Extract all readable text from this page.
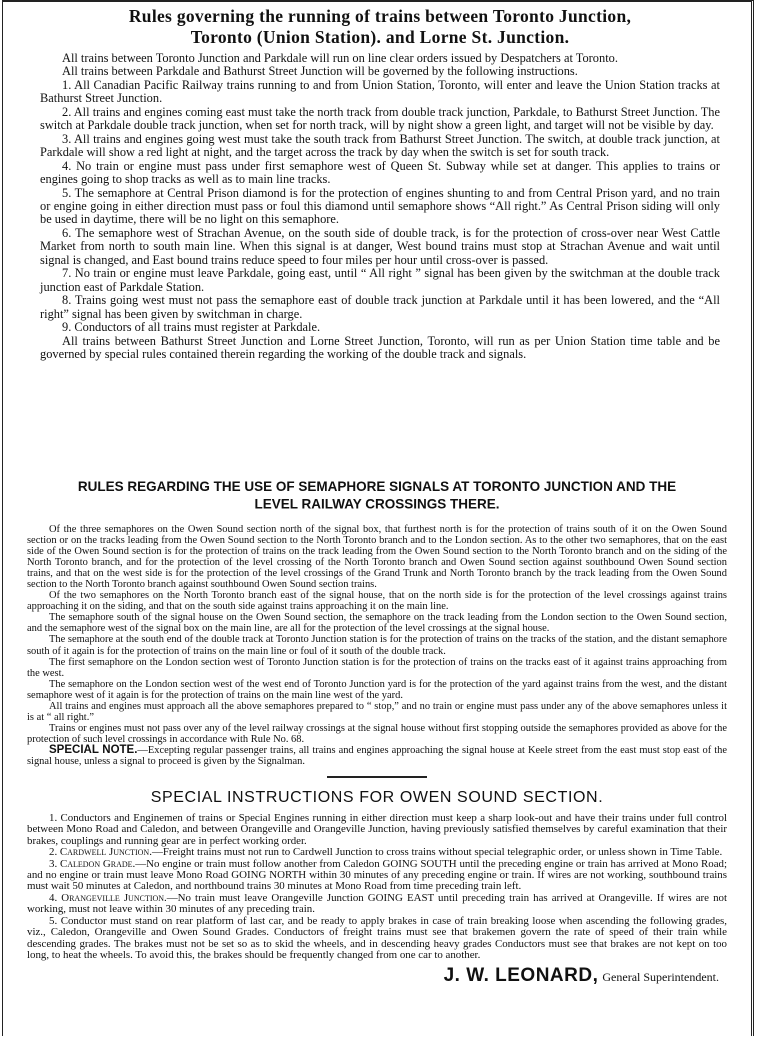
Rules governing the running of trains between Toronto Junction,
Toronto (Union Station). and Lorne St. Junction.

All trains between Toronto Junction and Parkdale will run on line clear orders issued by Despatchers at Toronto.

All trains between Parkdale and Bathurst Street Junction will be governed by the following instructions.

1. All Canadian Pacific Railway trains running to and from Union Station, Toronto, will enter and leave the Union Station tracks at Bathurst Street Junction.

2. All trains and engines coming east must take the north track from double track junction, Parkdale, to Bathurst Street Junction. The switch at Parkdale double track junction, when set for north track, will by night show a green light, and target will not be visible by day.

3. All trains and engines going west must take the south track from Bathurst Street Junction. The switch, at double track junction, at Parkdale will show a red light at night, and the target across the track by day when the switch is set for south track.

4. No train or engine must pass under first semaphore west of Queen St. Subway while set at danger. This applies to trains or engines going to shop tracks as well as to main line tracks.

5. The semaphore at Central Prison diamond is for the protection of engines shunting to and from Central Prison yard, and no train or engine going in either direction must pass or foul this diamond until semaphore shows “All right.” As Central Prison siding will only be used in daytime, there will be no light on this semaphore.

6. The semaphore west of Strachan Avenue, on the south side of double track, is for the protection of cross-over near West Cattle Market from north to south main line. When this signal is at danger, West bound trains must stop at Strachan Avenue and wait until signal is changed, and East bound trains reduce speed to four miles per hour until cross-over is passed.

7. No train or engine must leave Parkdale, going east, until “ All right ” signal has been given by the switchman at the double track junction east of Parkdale Station.

8. Trains going west must not pass the semaphore east of double track junction at Parkdale until it has been lowered, and the “All right” signal has been given by switchman in charge.

9. Conductors of all trains must register at Parkdale.

All trains between Bathurst Street Junction and Lorne Street Junction, Toronto, will run as per Union Station time table and be governed by special rules contained therein regarding the working of the double track and signals.

RULES REGARDING THE USE OF SEMAPHORE SIGNALS AT TORONTO JUNCTION AND THE
LEVEL RAILWAY CROSSINGS THERE.

Of the three semaphores on the Owen Sound section north of the signal box, that furthest north is for the protection of trains south of it on the Owen Sound section or on the tracks leading from the Owen Sound section to the North Toronto branch and to the London section. As to the other two semaphores, that on the east side of the Owen Sound section is for the protection of trains on the track leading from the Owen Sound section to the North Toronto branch and on the siding of the North Toronto branch, and for the protection of the level crossing of the North Toronto branch and Owen Sound section against southbound Owen Sound section trains, and that on the west side is for the protection of the level crossings of the Grand Trunk and North Toronto branch by the track leading from the Owen Sound section to the North Toronto branch against southbound Owen Sound section trains.

Of the two semaphores on the North Toronto branch east of the signal house, that on the north side is for the protection of the level crossings against trains approaching it on the siding, and that on the south side against trains approaching it on the main line.

The semaphore south of the signal house on the Owen Sound section, the semaphore on the track leading from the London section to the Owen Sound section, and the semaphore west of the signal box on the main line, are all for the protection of the level crossings at the signal house.

The semaphore at the south end of the double track at Toronto Junction station is for the protection of trains on the tracks of the station, and the distant semaphore south of it again is for the protection of trains on the main line or foul of it south of the double track.

The first semaphore on the London section west of Toronto Junction station is for the protection of trains on the tracks east of it against trains approaching from the west.

The semaphore on the London section west of the west end of Toronto Junction yard is for the protection of the yard against trains from the west, and the distant semaphore west of it again is for the protection of trains on the main line west of the yard.

All trains and engines must approach all the above semaphores prepared to “ stop,” and no train or engine must pass under any of the above semaphores unless it is at “ all right.”

Trains or engines must not pass over any of the level railway crossings at the signal house without first stopping outside the semaphores provided as above for the protection of such level crossings in accordance with Rule No. 68.

SPECIAL NOTE.—Excepting regular passenger trains, all trains and engines approaching the signal house at Keele street from the east must stop east of the signal house, unless a signal to proceed is given by the Signalman.

SPECIAL INSTRUCTIONS FOR OWEN SOUND SECTION.

1. Conductors and Enginemen of trains or Special Engines running in either direction must keep a sharp look-out and have their trains under full control between Mono Road and Caledon, and between Orangeville and Orangeville Junction, having previously satisfied themselves by careful examination that their brakes, couplings and running gear are in perfect working order.

2. Cardwell Junction.—Freight trains must not run to Cardwell Junction to cross trains without special telegraphic order, or unless shown in Time Table.

3. Caledon Grade.—No engine or train must follow another from Caledon GOING SOUTH until the preceding engine or train has arrived at Mono Road; and no engine or train must leave Mono Road GOING NORTH within 30 minutes of any preceding engine or train. If wires are not working, southbound trains must wait 50 minutes at Caledon, and northbound trains 30 minutes at Mono Road from time preceding train left.

4. Orangeville Junction.—No train must leave Orangeville Junction GOING EAST until preceding train has arrived at Orangeville. If wires are not working, must not leave within 30 minutes of any preceding train.

5. Conductor must stand on rear platform of last car, and be ready to apply brakes in case of train breaking loose when ascending the following grades, viz., Caledon, Orangeville and Owen Sound Grades. Conductors of freight trains must see that brakemen govern the rate of speed of their train while descending grades. The brakes must not be set so as to skid the wheels, and in descending heavy grades Conductors must see that brakes are not kept on too long, to heat the wheels. To avoid this, the brakes should be frequently changed from one car to another.

J. W. LEONARD, General Superintendent.
